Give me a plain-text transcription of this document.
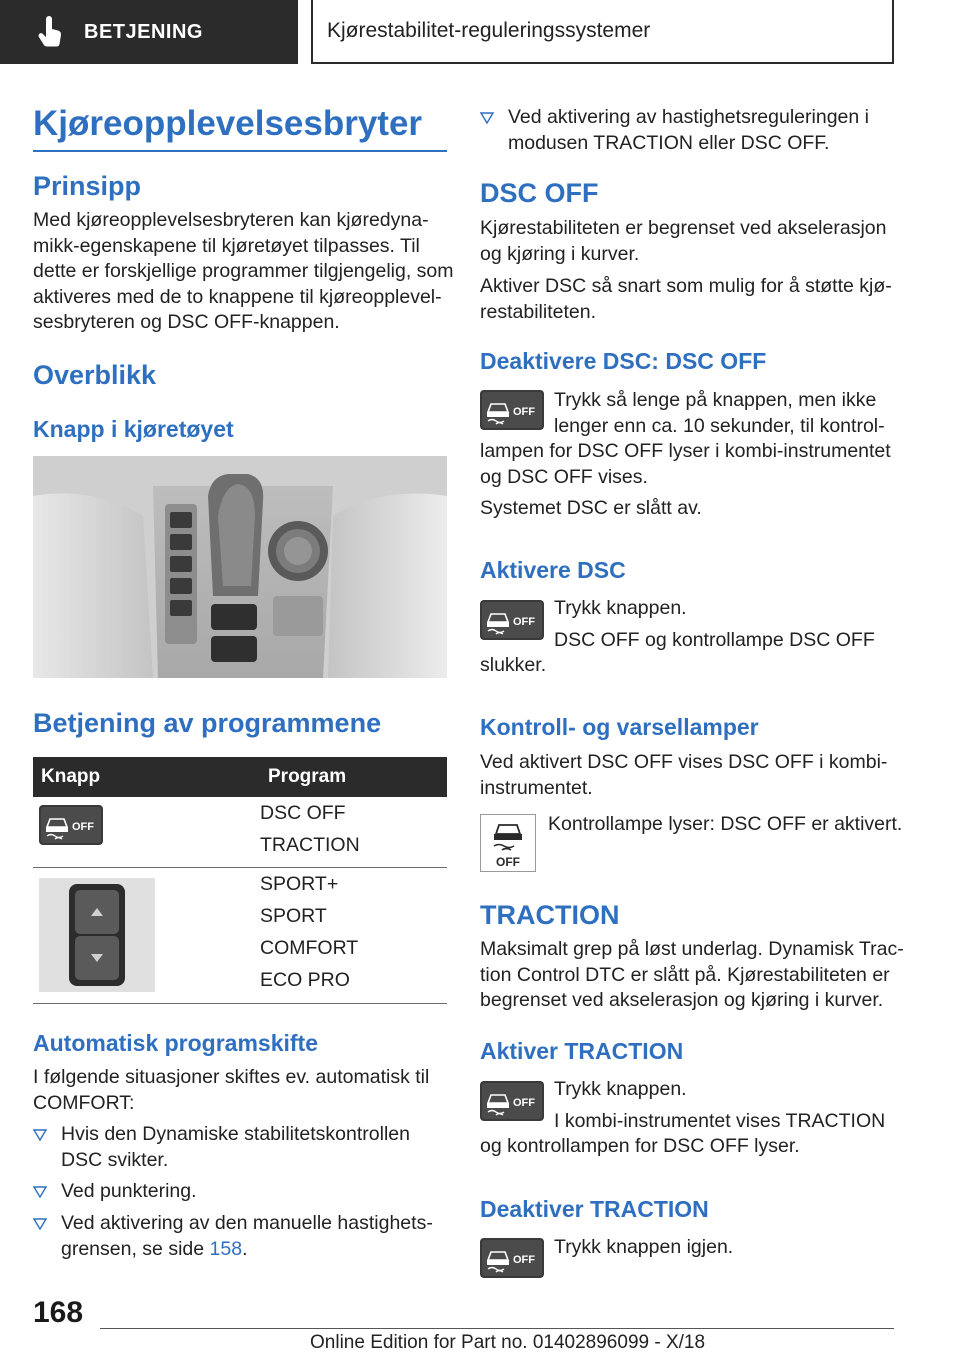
BETJENING	Kjørestabilitet-reguleringssystemer
Kjøreopplevelsesbryter
Prinsipp
Med kjøreopplevelsesbryteren kan kjøredyna‐
mikk-egenskapene til kjøretøyet tilpasses. Til
dette er forskjellige programmer tilgjengelig, som
aktiveres med de to knappene til kjøreopplevel‐
sesbryteren og DSC OFF-knappen.
Overblikk
Knapp i kjøretøyet
Betjening av programmene
Knapp	Program
OFF
DSC OFF
TRACTION
SPORT+
SPORT
COMFORT
ECO PRO
Automatisk programskifte
I følgende situasjoner skiftes ev. automatisk til
COMFORT:
Hvis den Dynamiske stabilitetskontrollen
DSC svikter.
Ved punktering.
Ved aktivering av den manuelle hastighets‐
grensen, se side 158.
Ved aktivering av hastighetsreguleringen i
modusen TRACTION eller DSC OFF.
DSC OFF
Kjørestabiliteten er begrenset ved akselerasjon
og kjøring i kurver.
Aktiver DSC så snart som mulig for å støtte kjø‐
restabiliteten.
Deaktivere DSC: DSC OFF
OFF
Trykk så lenge på knappen, men ikke
lenger enn ca. 10 sekunder, til kontrol‐
lampen for DSC OFF lyser i kombi-instrumentet
og DSC OFF vises.
Systemet DSC er slått av.
Aktivere DSC
OFF
Trykk knappen.
DSC OFF og kontrollampe DSC OFF
slukker.
Kontroll- og varsellamper
Ved aktivert DSC OFF vises DSC OFF i kombi‐
instrumentet.
OFF
Kontrollampe lyser: DSC OFF er aktivert.
TRACTION
Maksimalt grep på løst underlag. Dynamisk Trac‐
tion Control DTC er slått på. Kjørestabiliteten er
begrenset ved akselerasjon og kjøring i kurver.
Aktiver TRACTION
OFF
Trykk knappen.
I kombi-instrumentet vises TRACTION
og kontrollampen for DSC OFF lyser.
Deaktiver TRACTION
OFF
Trykk knappen igjen.
168
Online Edition for Part no. 01402896099 - X/18
